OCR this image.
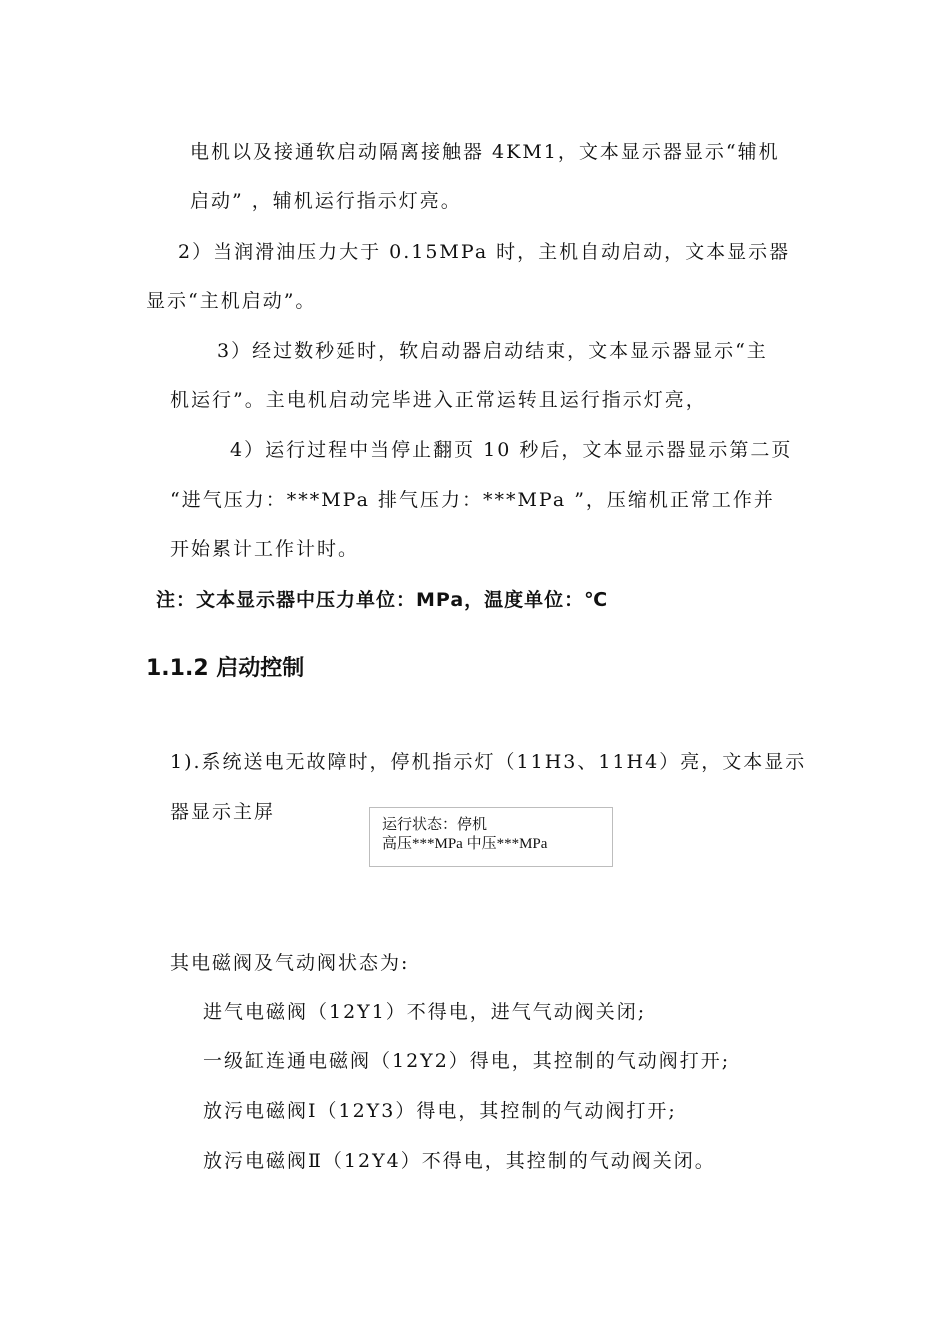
电机以及接通软启动隔离接触器 4KM1，文本显示器显示“辅机
启动” ，辅机运行指示灯亮。
2）当润滑油压力大于 0.15MPa 时，主机自动启动，文本显示器
显示“主机启动”。
3）经过数秒延时，软启动器启动结束，文本显示器显示“主
机运行”。主电机启动完毕进入正常运转且运行指示灯亮，
4）运行过程中当停止翻页 10 秒后，文本显示器显示第二页
“进气压力：***MPa 排气压力：***MPa ”，压缩机正常工作并
开始累计工作计时。
注：文本显示器中压力单位：MPa，温度单位：℃
1.1.2 启动控制
1).系统送电无故障时，停机指示灯（11H3、11H4）亮，文本显示
器显示主屏
运行状态：停机
高压***MPa 中压***MPa
其电磁阀及气动阀状态为:
进气电磁阀（12Y1）不得电，进气气动阀关闭;
一级缸连通电磁阀（12Y2）得电，其控制的气动阀打开;
放污电磁阀Ⅰ（12Y3）得电，其控制的气动阀打开;
放污电磁阀Ⅱ（12Y4）不得电，其控制的气动阀关闭。
